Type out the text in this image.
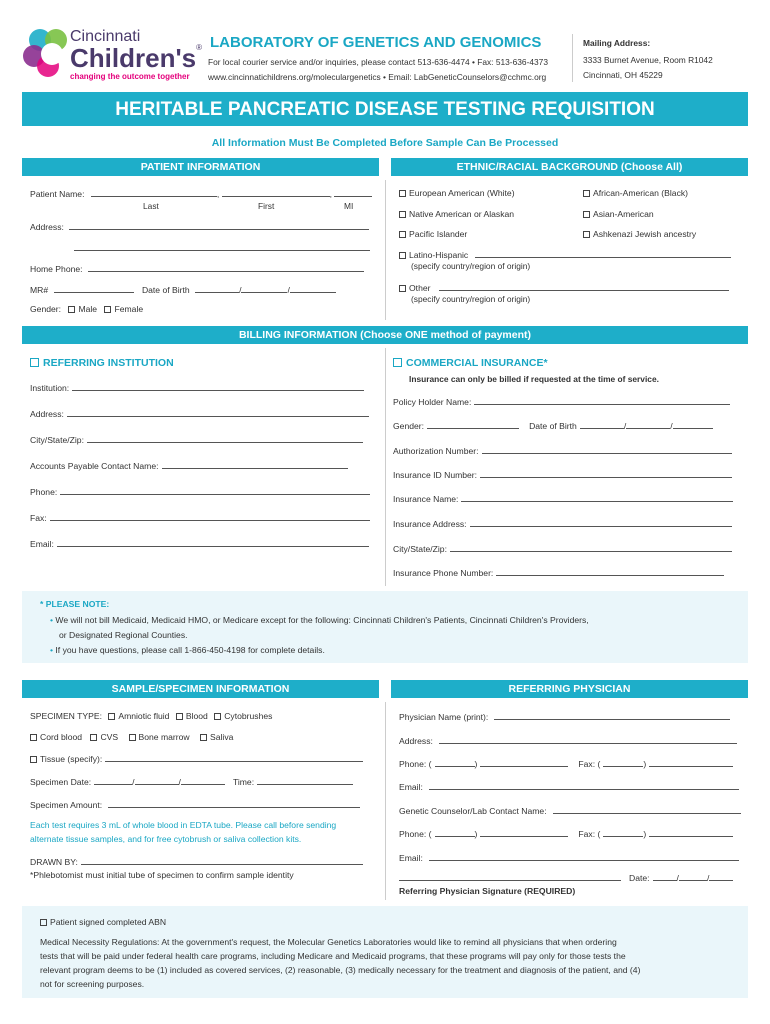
Cincinnati
Children's®
changing the outcome together
LABORATORY OF GENETICS AND GENOMICS
For local courier service and/or inquiries, please contact 513-636-4474 • Fax: 513-636-4373
www.cincinnatichildrens.org/moleculargenetics • Email: LabGeneticCounselors@cchmc.org
Mailing Address:
3333 Burnet Avenue, Room R1042
Cincinnati, OH 45229
HERITABLE PANCREATIC DISEASE TESTING REQUISITION
All Information Must Be Completed Before Sample Can Be Processed
PATIENT INFORMATION
Patient Name:	,	,
Last	First	MI
Address:
Home Phone:
MR#	Date of Birth	/	/
Gender: Male Female
ETHNIC/RACIAL BACKGROUND (Choose All)
European American (White)	African-American (Black)
Native American or Alaskan	Asian-American
Pacific Islander	Ashkenazi Jewish ancestry
Latino-Hispanic
(specify country/region of origin)
Other
(specify country/region of origin)
BILLING INFORMATION (Choose ONE method of payment)
REFERRING INSTITUTION
Institution:
Address:
City/State/Zip:
Accounts Payable Contact Name:
Phone:
Fax:
Email:
COMMERCIAL INSURANCE*
Insurance can only be billed if requested at the time of service.
Policy Holder Name:
Gender:	Date of Birth	/	/
Authorization Number:
Insurance ID Number:
Insurance Name:
Insurance Address:
City/State/Zip:
Insurance Phone Number:
* PLEASE NOTE:
• We will not bill Medicaid, Medicaid HMO, or Medicare except for the following: Cincinnati Children's Patients, Cincinnati Children's Providers,
or Designated Regional Counties.
• If you have questions, please call 1-866-450-4198 for complete details.
SAMPLE/SPECIMEN INFORMATION
SPECIMEN TYPE: Amniotic fluid Blood Cytobrushes
Cord blood CVS Bone marrow Saliva
Tissue (specify):
Specimen Date:	/	/	Time:
Specimen Amount:
Each test requires 3 mL of whole blood in EDTA tube. Please call before sending
alternate tissue samples, and for free cytobrush or saliva collection kits.
DRAWN BY:
*Phlebotomist must initial tube of specimen to confirm sample identity
REFERRING PHYSICIAN
Physician Name (print):
Address:
Phone: (	)	Fax: (	)
Email:
Genetic Counselor/Lab Contact Name:
Phone: (	)	Fax: (	)
Email:
Date:	/	/
Referring Physician Signature (REQUIRED)
Patient signed completed ABN
Medical Necessity Regulations: At the government's request, the Molecular Genetics Laboratories would like to remind all physicians that when ordering
tests that will be paid under federal health care programs, including Medicare and Medicaid programs, that these programs will pay only for those tests the
relevant program deems to be (1) included as covered services, (2) reasonable, (3) medically necessary for the treatment and diagnosis of the patient, and (4)
not for screening purposes.
